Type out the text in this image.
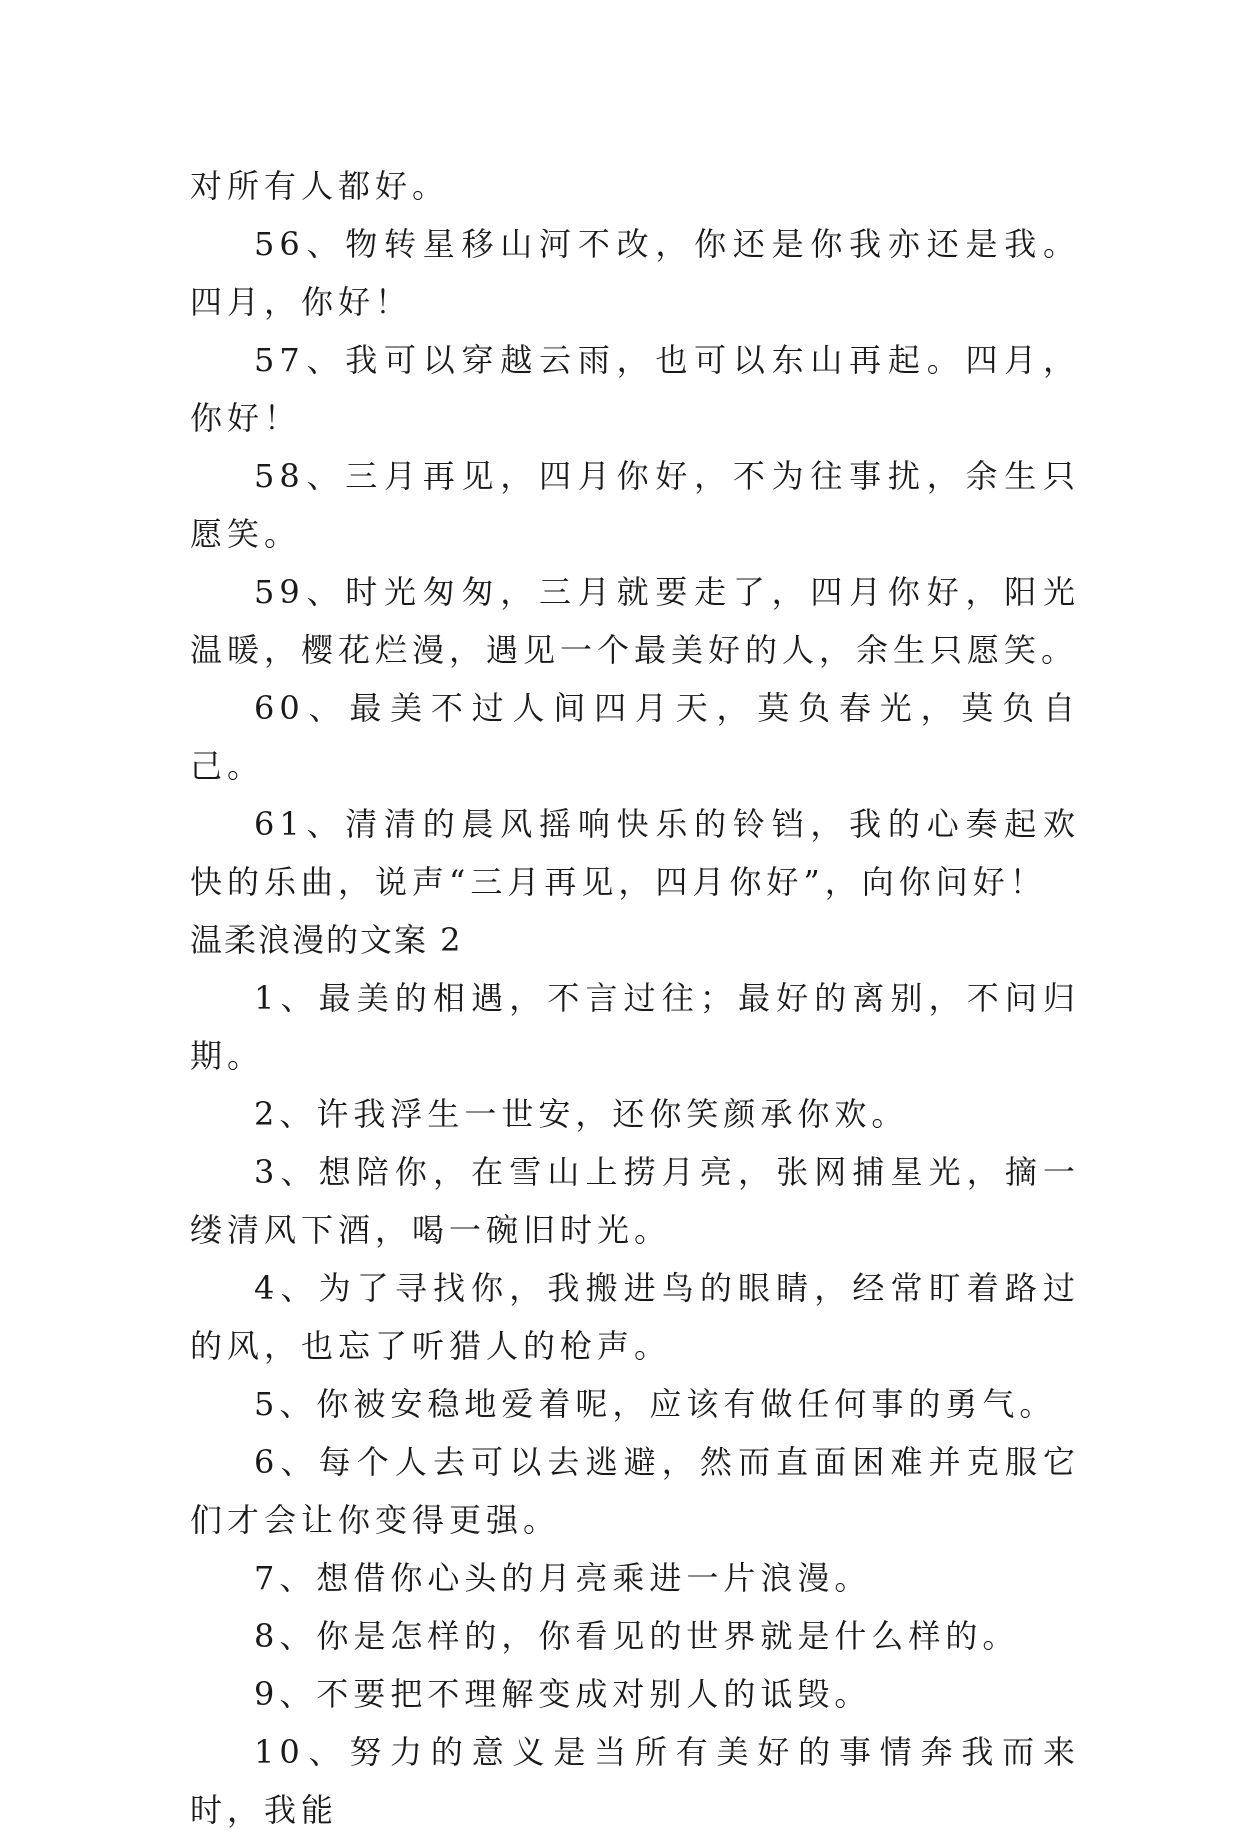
对所有人都好。

56、物转星移山河不改，你还是你我亦还是我。四月，你好！

57、我可以穿越云雨，也可以东山再起。四月，你好！

58、三月再见，四月你好，不为往事扰，余生只愿笑。

59、时光匆匆，三月就要走了，四月你好，阳光温暖，樱花烂漫，遇见一个最美好的人，余生只愿笑。

60、最美不过人间四月天，莫负春光，莫负自己。

61、清清的晨风摇响快乐的铃铛，我的心奏起欢快的乐曲，说声“三月再见，四月你好”，向你问好！

温柔浪漫的文案 2

1、最美的相遇，不言过往；最好的离别，不问归期。

2、许我浮生一世安，还你笑颜承你欢。

3、想陪你，在雪山上捞月亮，张网捕星光，摘一缕清风下酒，喝一碗旧时光。

4、为了寻找你，我搬进鸟的眼睛，经常盯着路过的风，也忘了听猎人的枪声。

5、你被安稳地爱着呢，应该有做任何事的勇气。

6、每个人去可以去逃避，然而直面困难并克服它们才会让你变得更强。

7、想借你心头的月亮乘进一片浪漫。

8、你是怎样的，你看见的世界就是什么样的。

9、不要把不理解变成对别人的诋毁。

10、努力的意义是当所有美好的事情奔我而来时，我能
